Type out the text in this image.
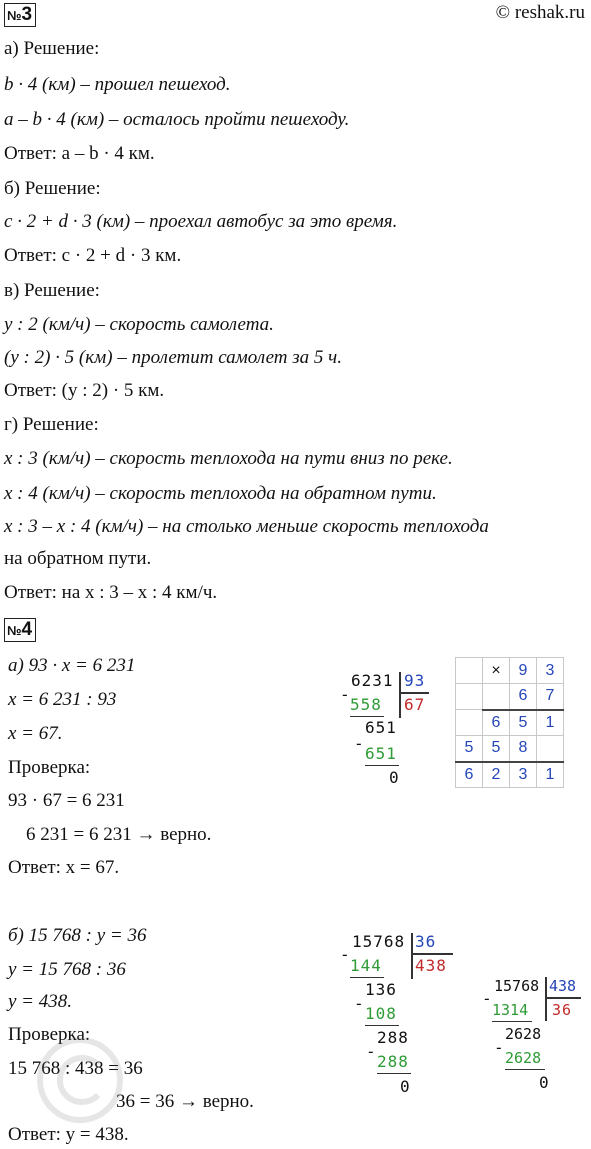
© reshak.ru
№3
а) Решение:
b · 4 (км) – прошел пешеход.
a – b · 4 (км) – осталось пройти пешеходу.
Ответ: a – b · 4 км.
б) Решение:
c · 2 + d · 3 (км) – проехал автобус за это время.
Ответ: c · 2 + d · 3 км.
в) Решение:
y : 2 (км/ч) – скорость самолета.
(y : 2) · 5 (км) – пролетит самолет за 5 ч.
Ответ: (y : 2) · 5 км.
г) Решение:
x : 3 (км/ч) – скорость теплохода на пути вниз по реке.
x : 4 (км/ч) – скорость теплохода на обратном пути.
x : 3 – x : 4 (км/ч) – на столько меньше скорость теплохода
на обратном пути.
Ответ: на x : 3 – x : 4 км/ч.
№4
а) 93 · x = 6 231
x = 6 231 : 93
x = 67.
Проверка:
93 · 67 = 6 231
6 231 = 6 231 → верно.
Ответ: x = 67.
6231 93
-
558 67
651
-
651
0
	×	9	3
		6	7
	6	5	1
5	5	8	
6	2	3	1
б) 15 768 : y = 36
y = 15 768 : 36
y = 438.
Проверка:
15 768 : 438 = 36
36 = 36 → верно.
Ответ: y = 438.
15768 36
-
144 438
136
-
108
288
-
288
0
15768 438
-
1314 36
2628
-
2628
0
